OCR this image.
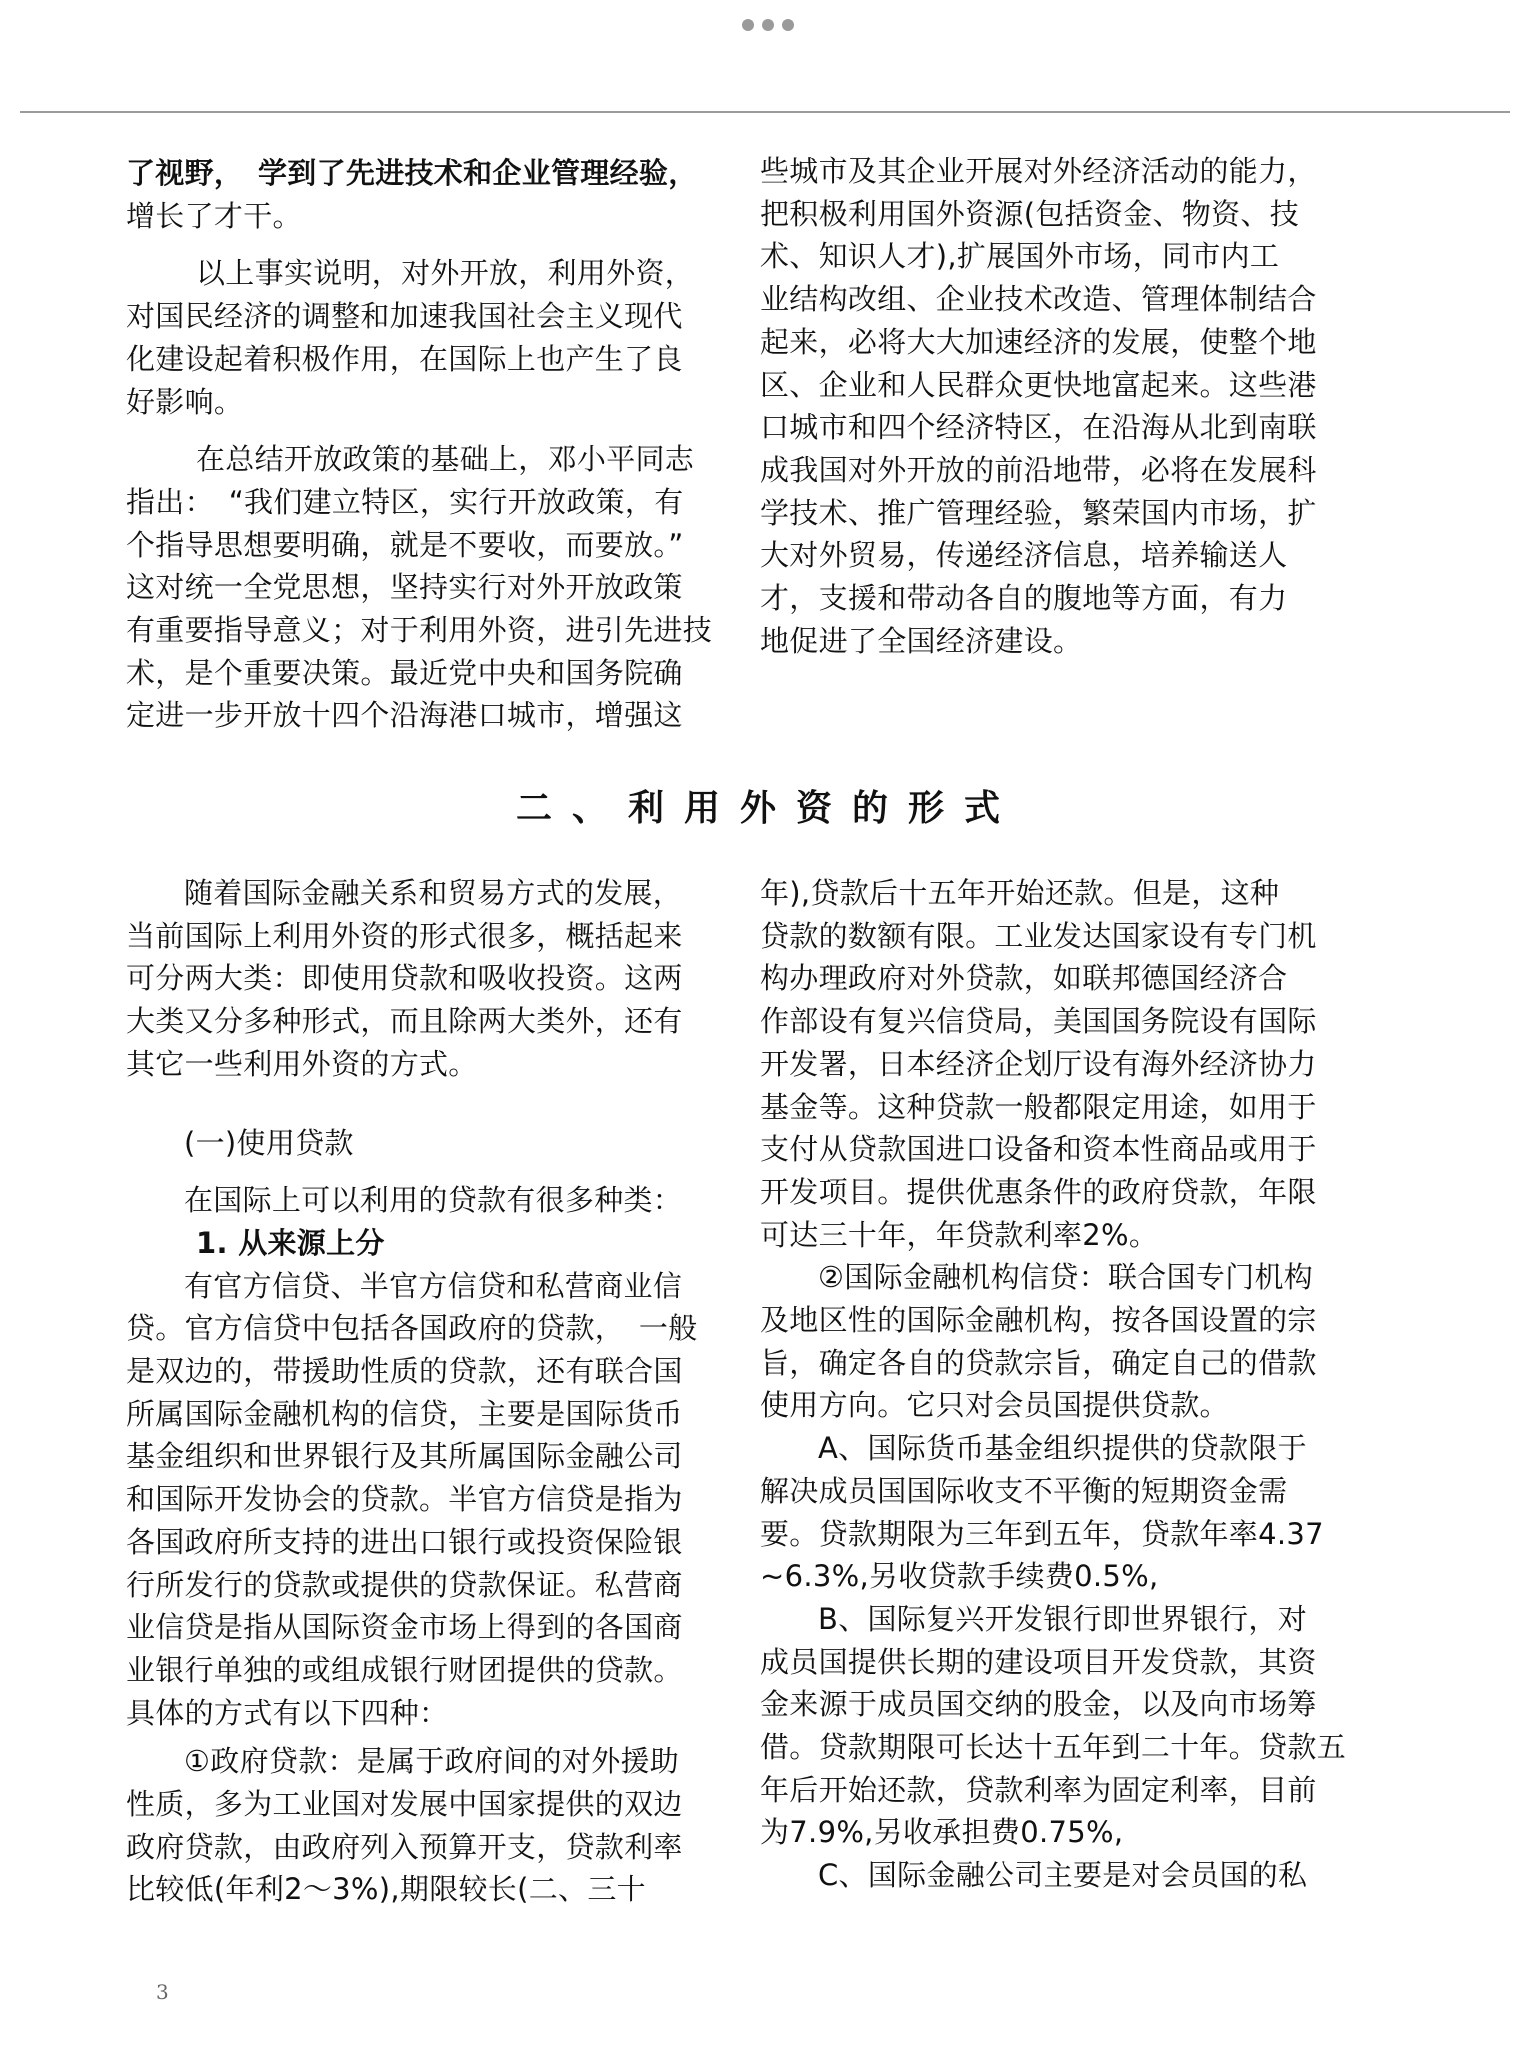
了视野，　学到了先进技术和企业管理经验，

增长了才干。

以上事实说明，对外开放，利用外资，

对国民经济的调整和加速我国社会主义现代

化建设起着积极作用，在国际上也产生了良

好影响。

在总结开放政策的基础上，邓小平同志

指出：　“我们建立特区，实行开放政策，有

个指导思想要明确，就是不要收，而要放。”

这对统一全党思想，坚持实行对外开放政策

有重要指导意义；对于利用外资，进引先进技

术，是个重要决策。最近党中央和国务院确

定进一步开放十四个沿海港口城市，增强这

些城市及其企业开展对外经济活动的能力，

把积极利用国外资源(包括资金、物资、技

术、知识人才),扩展国外市场，同市内工

业结构改组、企业技术改造、管理体制结合

起来，必将大大加速经济的发展，使整个地

区、企业和人民群众更快地富起来。这些港

口城市和四个经济特区，在沿海从北到南联

成我国对外开放的前沿地带，必将在发展科

学技术、推广管理经验，繁荣国内市场，扩

大对外贸易，传递经济信息，培养输送人

才，支援和带动各自的腹地等方面，有力

地促进了全国经济建设。

二、利用外资的形式

随着国际金融关系和贸易方式的发展，

当前国际上利用外资的形式很多，概括起来

可分两大类：即使用贷款和吸收投资。这两

大类又分多种形式，而且除两大类外，还有

其它一些利用外资的方式。

(一)使用贷款

在国际上可以利用的贷款有很多种类：

1. 从来源上分

有官方信贷、半官方信贷和私营商业信

贷。官方信贷中包括各国政府的贷款，　一般

是双边的，带援助性质的贷款，还有联合国

所属国际金融机构的信贷，主要是国际货币

基金组织和世界银行及其所属国际金融公司

和国际开发协会的贷款。半官方信贷是指为

各国政府所支持的进出口银行或投资保险银

行所发行的贷款或提供的贷款保证。私营商

业信贷是指从国际资金市场上得到的各国商

业银行单独的或组成银行财团提供的贷款。

具体的方式有以下四种：

①政府贷款：是属于政府间的对外援助

性质，多为工业国对发展中国家提供的双边

政府贷款，由政府列入预算开支，贷款利率

比较低(年利2～3%),期限较长(二、三十

年),贷款后十五年开始还款。但是，这种

贷款的数额有限。工业发达国家设有专门机

构办理政府对外贷款，如联邦德国经济合

作部设有复兴信贷局，美国国务院设有国际

开发署，日本经济企划厅设有海外经济协力

基金等。这种贷款一般都限定用途，如用于

支付从贷款国进口设备和资本性商品或用于

开发项目。提供优惠条件的政府贷款，年限

可达三十年，年贷款利率2%。

②国际金融机构信贷：联合国专门机构

及地区性的国际金融机构，按各国设置的宗

旨，确定各自的贷款宗旨，确定自己的借款

使用方向。它只对会员国提供贷款。

A、国际货币基金组织提供的贷款限于

解决成员国国际收支不平衡的短期资金需

要。贷款期限为三年到五年，贷款年率4.37

~6.3%,另收贷款手续费0.5%,

B、国际复兴开发银行即世界银行，对

成员国提供长期的建设项目开发贷款，其资

金来源于成员国交纳的股金，以及向市场筹

借。贷款期限可长达十五年到二十年。贷款五

年后开始还款，贷款利率为固定利率，目前

为7.9%,另收承担费0.75%,

C、国际金融公司主要是对会员国的私

3
